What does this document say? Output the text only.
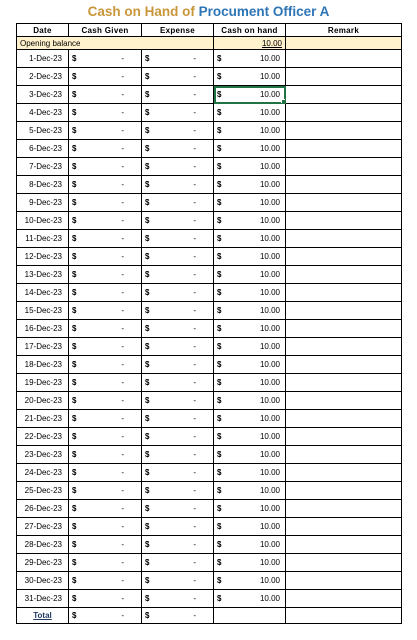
Cash on Hand of Procument Officer A
Date	Cash Given	Expense	Cash on hand	Remark
Opening balance			10.00	

1-Dec-23	$ -	$ -	$ 10.00	

2-Dec-23	$ -	$ -	$ 10.00	

3-Dec-23	$ -	$ -	$ 10.00	

4-Dec-23	$ -	$ -	$ 10.00	

5-Dec-23	$ -	$ -	$ 10.00	

6-Dec-23	$ -	$ -	$ 10.00	

7-Dec-23	$ -	$ -	$ 10.00	

8-Dec-23	$ -	$ -	$ 10.00	

9-Dec-23	$ -	$ -	$ 10.00	

10-Dec-23	$ -	$ -	$ 10.00	

11-Dec-23	$ -	$ -	$ 10.00	

12-Dec-23	$ -	$ -	$ 10.00	

13-Dec-23	$ -	$ -	$ 10.00	

14-Dec-23	$ -	$ -	$ 10.00	

15-Dec-23	$ -	$ -	$ 10.00	

16-Dec-23	$ -	$ -	$ 10.00	

17-Dec-23	$ -	$ -	$ 10.00	

18-Dec-23	$ -	$ -	$ 10.00	

19-Dec-23	$ -	$ -	$ 10.00	

20-Dec-23	$ -	$ -	$ 10.00	

21-Dec-23	$ -	$ -	$ 10.00	

22-Dec-23	$ -	$ -	$ 10.00	

23-Dec-23	$ -	$ -	$ 10.00	

24-Dec-23	$ -	$ -	$ 10.00	

25-Dec-23	$ -	$ -	$ 10.00	

26-Dec-23	$ -	$ -	$ 10.00	

27-Dec-23	$ -	$ -	$ 10.00	

28-Dec-23	$ -	$ -	$ 10.00	

29-Dec-23	$ -	$ -	$ 10.00	

30-Dec-23	$ -	$ -	$ 10.00	

31-Dec-23	$ -	$ -	$ 10.00	

Total	$ -	$ -		
